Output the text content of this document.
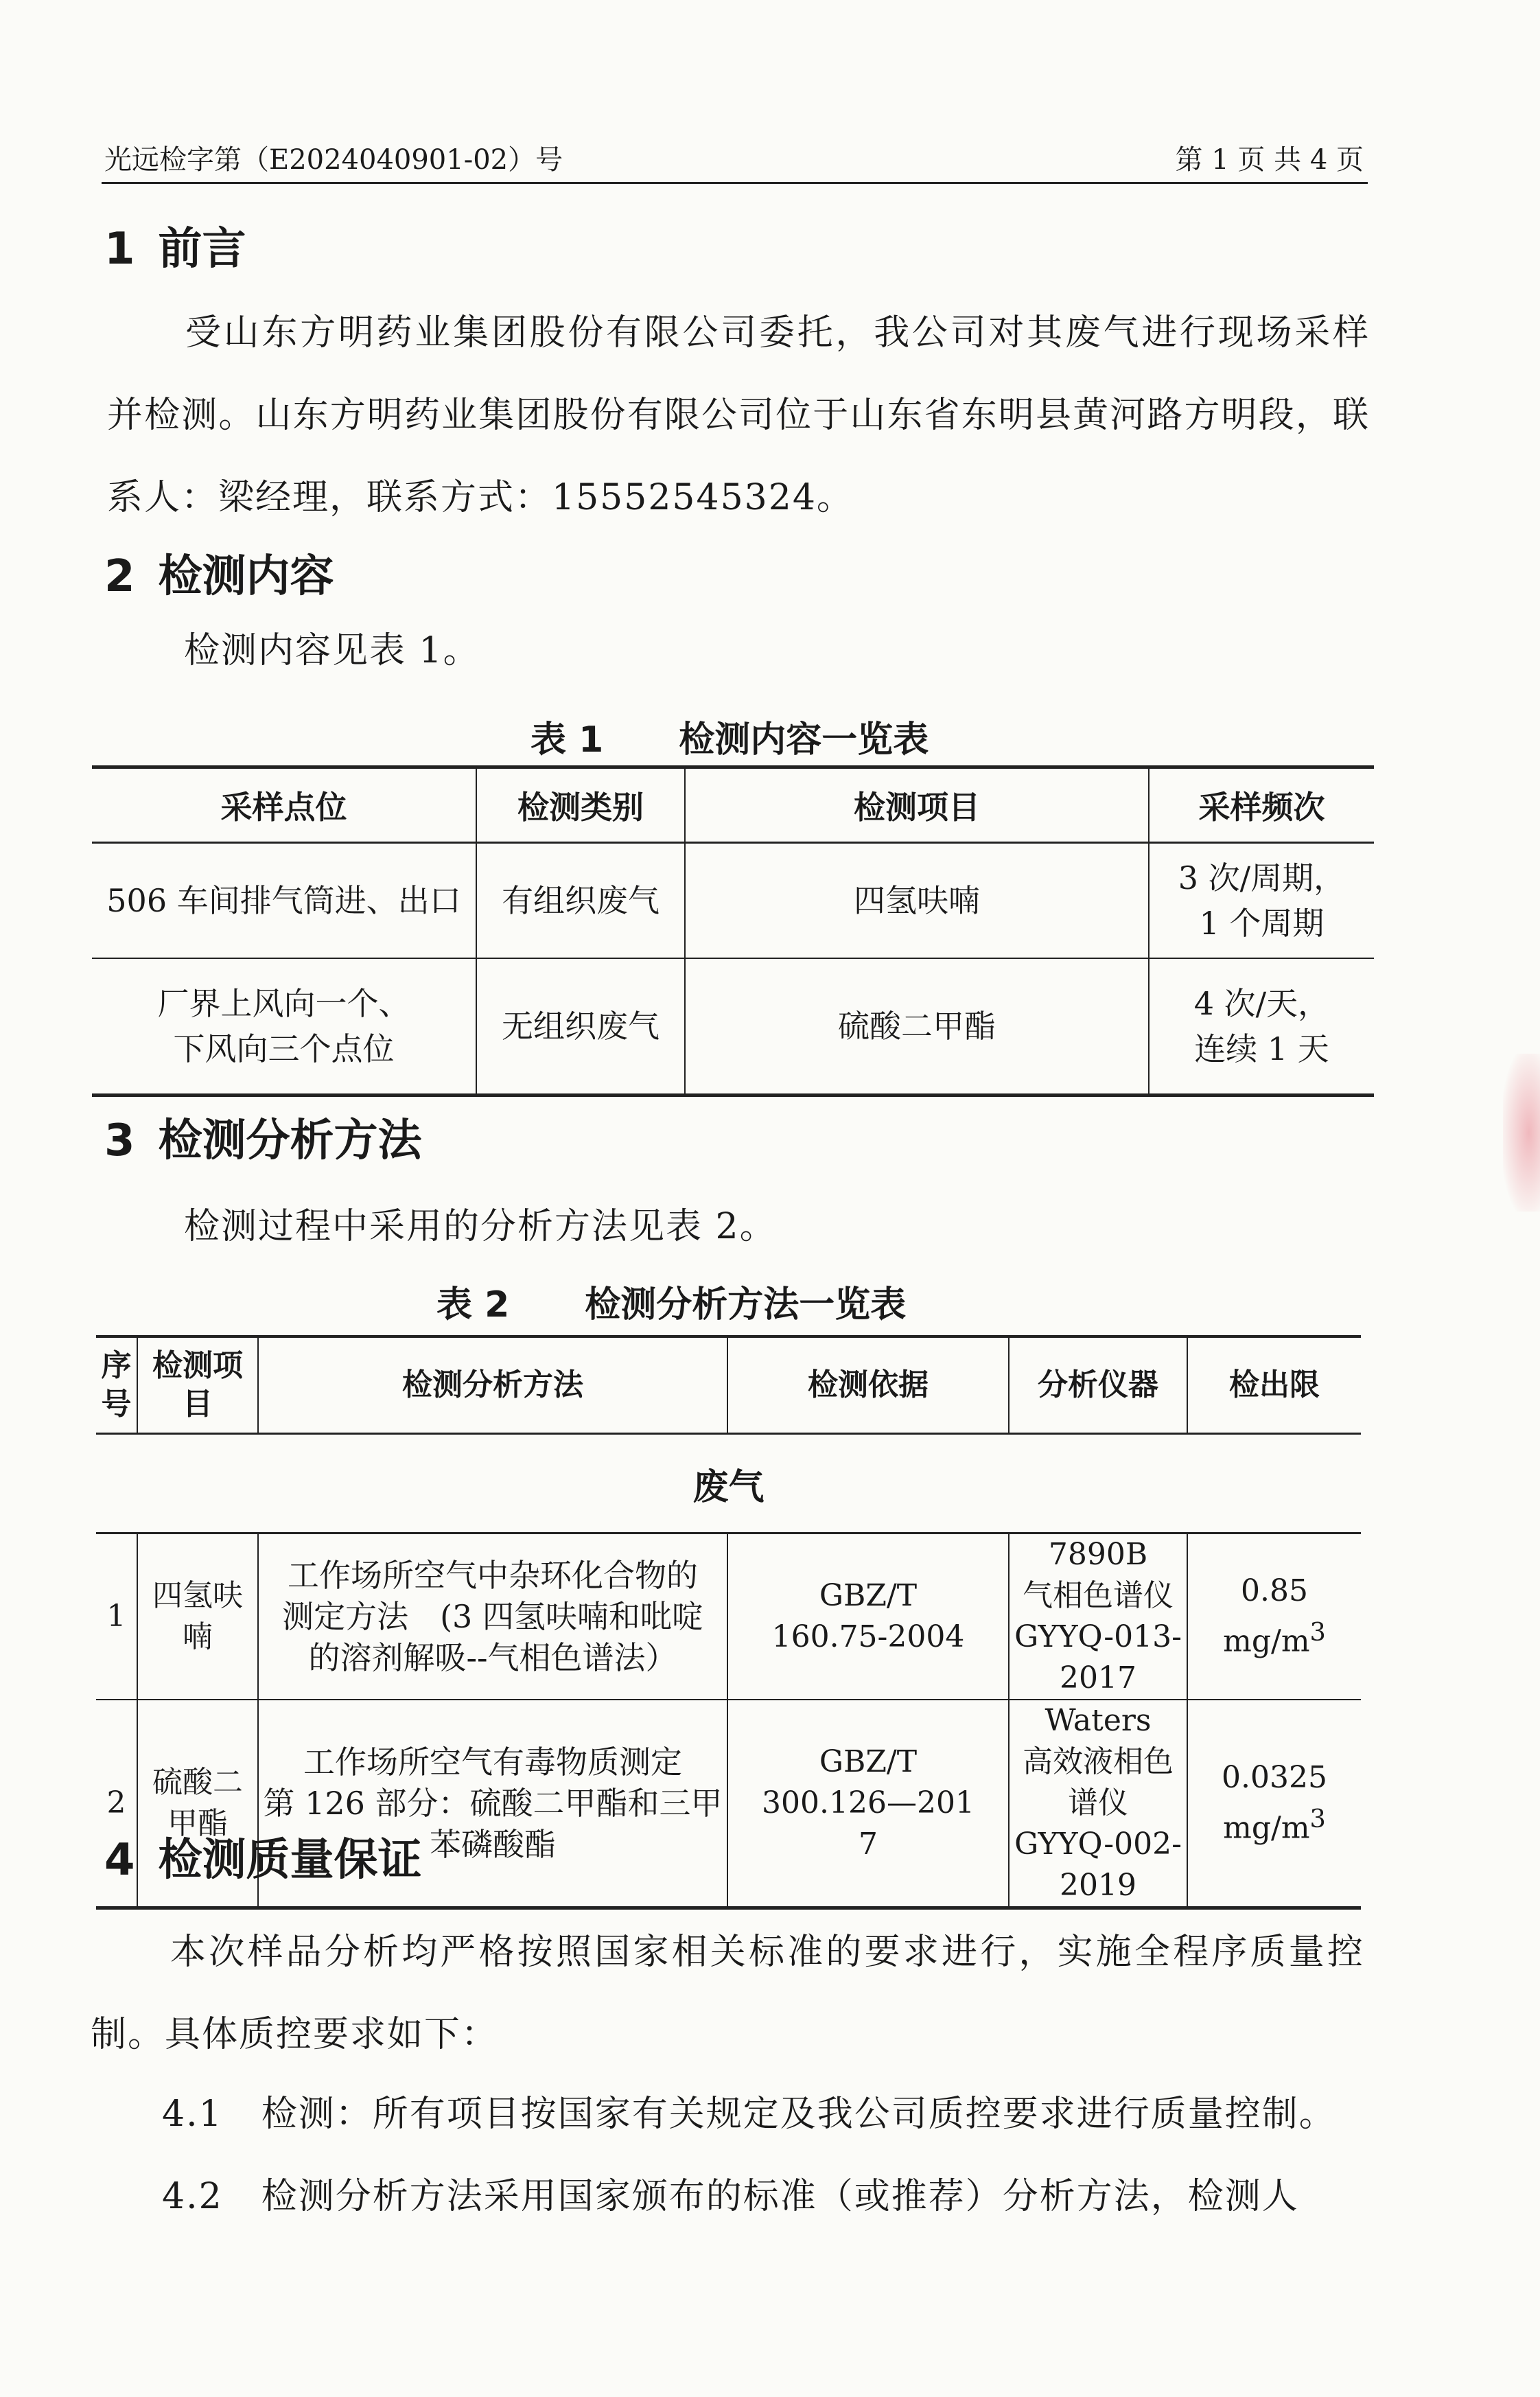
光远检字第（E2024040901-02）号	第 1 页 共 4 页
1 前言
受山东方明药业集团股份有限公司委托，我公司对其废气进行现场采样并检测。山东方明药业集团股份有限公司位于山东省东明县黄河路方明段，联系人：梁经理，联系方式：15552545324。
2 检测内容
检测内容见表 1。
表 1 检测内容一览表
采样点位	检测类别	检测项目	采样频次
506 车间排气筒进、出口	有组织废气	四氢呋喃	3 次/周期，
1 个周期

厂界上风向一个、
下风向三个点位	无组织废气	硫酸二甲酯	4 次/天，
连续 1 天
3 检测分析方法
检测过程中采用的分析方法见表 2。
表 2 检测分析方法一览表
序
号	检测项
目	检测分析方法	检测依据	分析仪器	检出限
废气					
1	四氢呋
喃	工作场所空气中杂环化合物的
测定方法　(3 四氢呋喃和吡啶
的溶剂解吸--气相色谱法）	GBZ/T
160.75-2004	7890B
气相色谱仪
GYYQ-013-2017	0.85
$mg/m^3$

2	硫酸二
甲酯	工作场所空气有毒物质测定
第 126 部分：硫酸二甲酯和三甲
苯磷酸酯	GBZ/T
300.126—201
7	Waters
高效液相色谱仪
GYYQ-002-2019	0.0325
$mg/m^3$
4 检测质量保证
本次样品分析均严格按照国家相关标准的要求进行，实施全程序质量控制。具体质控要求如下：
4.1 检测：所有项目按国家有关规定及我公司质控要求进行质量控制。
4.2 检测分析方法采用国家颁布的标准（或推荐）分析方法，检测人
